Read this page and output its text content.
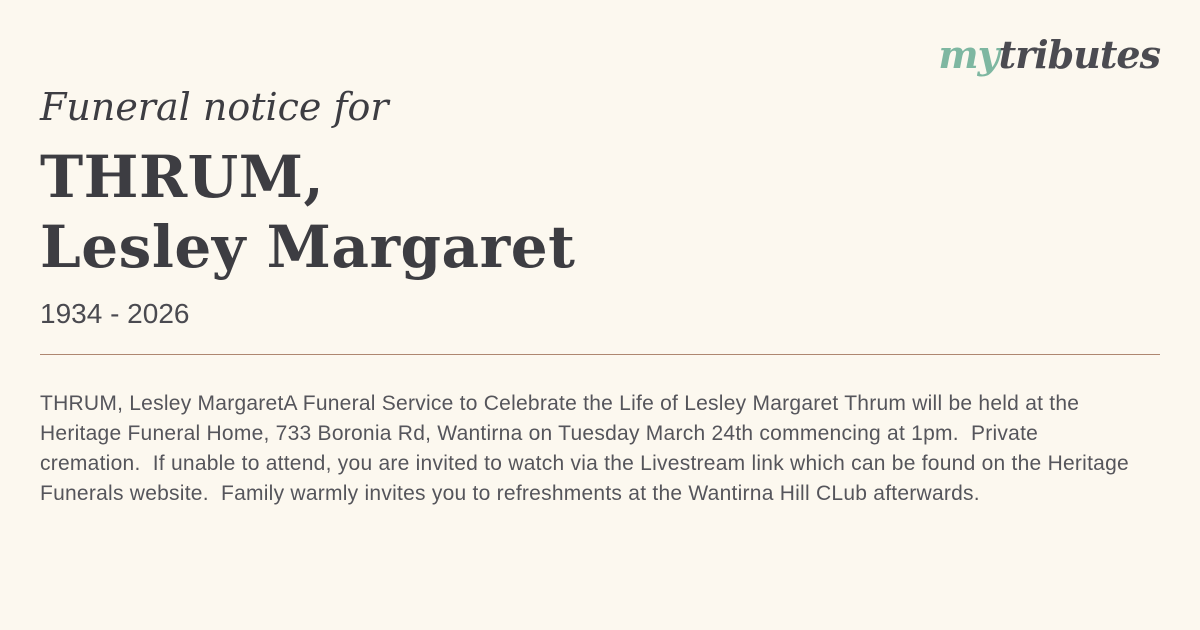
mytributes
Funeral notice for
THRUM,
Lesley Margaret
1934 - 2026

THRUM, Lesley MargaretA Funeral Service to Celebrate the Life of Lesley Margaret Thrum will be held at the Heritage Funeral Home, 733 Boronia Rd, Wantirna on Tuesday March 24th commencing at 1pm.  Private cremation.  If unable to attend, you are invited to watch via the Livestream link which can be found on the Heritage Funerals website.  Family warmly invites you to refreshments at the Wantirna Hill CLub afterwards.
